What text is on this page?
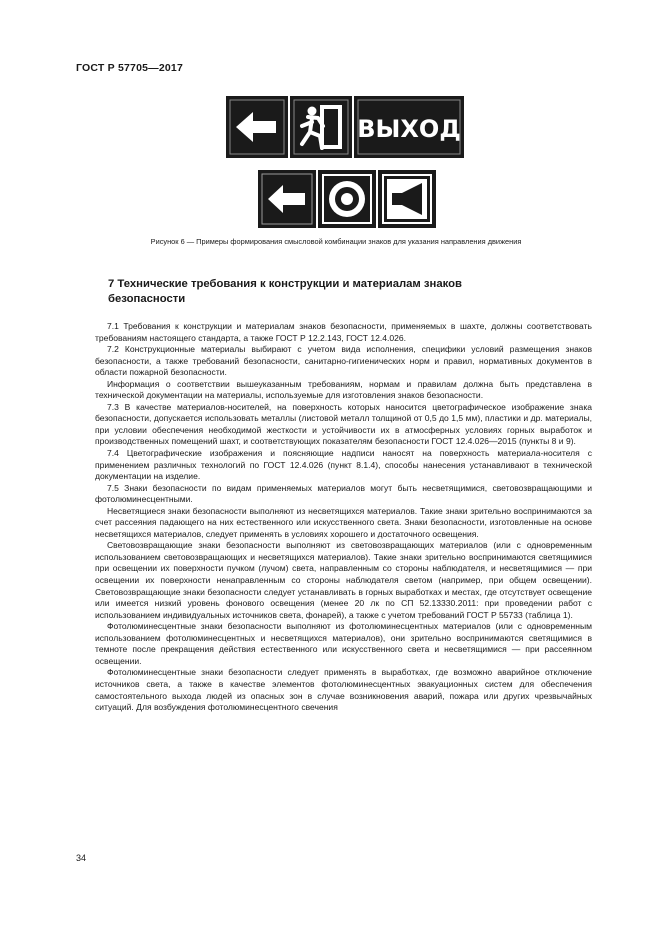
ГОСТ Р 57705—2017
ВЫХОД
Рисунок 6 — Примеры формирования смысловой комбинации знаков для указания направления движения
7 Технические требования к конструкции и материалам знаков
безопасности

7.1 Требования к конструкции и материалам знаков безопасности, применяемых в шахте, должны соответствовать требованиям настоящего стандарта, а также ГОСТ Р 12.2.143, ГОСТ 12.4.026.

7.2 Конструкционные материалы выбирают с учетом вида исполнения, специфики условий размещения знаков безопасности, а также требований безопасности, санитарно-гигиенических норм и правил, нормативных документов в области пожарной безопасности.

Информация о соответствии вышеуказанным требованиям, нормам и правилам должна быть представлена в технической документации на материалы, используемые для изготовления знаков безопасности.

7.3 В качестве материалов-носителей, на поверхность которых наносится цветографическое изображение знака безопасности, допускается использовать металлы (листовой металл толщиной от 0,5 до 1,5 мм), пластики и др. материалы, при условии обеспечения необходимой жесткости и устойчивости их в атмосферных условиях горных выработок и производственных помещений шахт, и соответствующих показателям безопасности ГОСТ 12.4.026—2015 (пункты 8 и 9).

7.4 Цветографические изображения и поясняющие надписи наносят на поверхность материала-носителя с применением различных технологий по ГОСТ 12.4.026 (пункт 8.1.4), способы нанесения устанавливают в технической документации на изделие.

7.5 Знаки безопасности по видам применяемых материалов могут быть несветящимися, световозвращающими и фотолюминесцентными.

Несветящиеся знаки безопасности выполняют из несветящихся материалов. Такие знаки зрительно воспринимаются за счет рассеяния падающего на них естественного или искусственного света. Знаки безопасности, изготовленные на основе несветящихся материалов, следует применять в условиях хорошего и достаточного освещения.

Световозвращающие знаки безопасности выполняют из световозвращающих материалов (или с одновременным использованием световозвращающих и несветящихся материалов). Такие знаки зрительно воспринимаются светящимися при освещении их поверхности пучком (лучом) света, направленным со стороны наблюдателя, и несветящимися — при освещении их поверхности ненаправленным со стороны наблюдателя светом (например, при общем освещении). Световозвращающие знаки безопасности следует устанавливать в горных выработках и местах, где отсутствует освещение или имеется низкий уровень фонового освещения (менее 20 лк по СП 52.13330.2011: при проведении работ с использованием индивидуальных источников света, фонарей), а также с учетом требований ГОСТ Р 55733 (таблица 1).

Фотолюминесцентные знаки безопасности выполняют из фотолюминесцентных материалов (или с одновременным использованием фотолюминесцентных и несветящихся материалов), они зрительно воспринимаются светящимися в темноте после прекращения действия естественного или искусственного света и несветящимися — при рассеянном освещении.

Фотолюминесцентные знаки безопасности следует применять в выработках, где возможно аварийное отключение источников света, а также в качестве элементов фотолюминесцентных эвакуационных систем для обеспечения самостоятельного выхода людей из опасных зон в случае возникновения аварий, пожара или других чрезвычайных ситуаций. Для возбуждения фотолюминесцентного свечения

34
